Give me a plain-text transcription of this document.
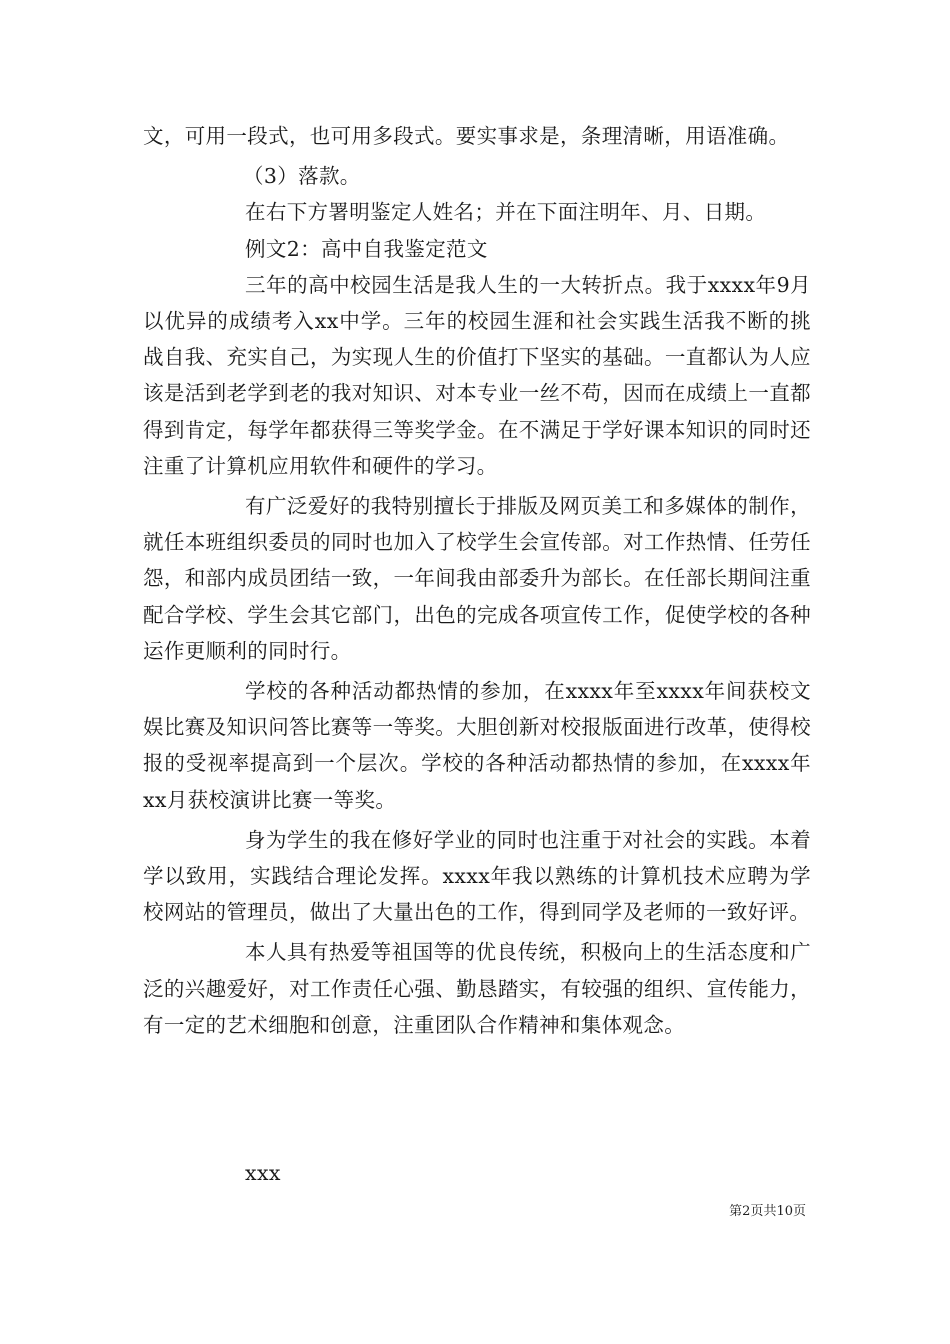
文，可用一段式，也可用多段式。要实事求是，条理清晰，用语准确。

（3）落款。

在右下方署明鉴定人姓名；并在下面注明年、月、日期。

例文2：高中自我鉴定范文

三年的高中校园生活是我人生的一大转折点。我于xxxx年9月以优异的成绩考入xx中学。三年的校园生涯和社会实践生活我不断的挑战自我、充实自己，为实现人生的价值打下坚实的基础。一直都认为人应该是活到老学到老的我对知识、对本专业一丝不苟，因而在成绩上一直都得到肯定，每学年都获得三等奖学金。在不满足于学好课本知识的同时还注重了计算机应用软件和硬件的学习。

有广泛爱好的我特别擅长于排版及网页美工和多媒体的制作，就任本班组织委员的同时也加入了校学生会宣传部。对工作热情、任劳任怨，和部内成员团结一致，一年间我由部委升为部长。在任部长期间注重配合学校、学生会其它部门，出色的完成各项宣传工作，促使学校的各种运作更顺利的同时行。

学校的各种活动都热情的参加，在xxxx年至xxxx年间获校文娱比赛及知识问答比赛等一等奖。大胆创新对校报版面进行改革，使得校报的受视率提高到一个层次。学校的各种活动都热情的参加，在xxxx年xx月获校演讲比赛一等奖。

身为学生的我在修好学业的同时也注重于对社会的实践。本着学以致用，实践结合理论发挥。xxxx年我以熟练的计算机技术应聘为学校网站的管理员，做出了大量出色的工作，得到同学及老师的一致好评。

本人具有热爱等祖国等的优良传统，积极向上的生活态度和广泛的兴趣爱好，对工作责任心强、勤恳踏实，有较强的组织、宣传能力，有一定的艺术细胞和创意，注重团队合作精神和集体观念。

xxx
第2页共10页
